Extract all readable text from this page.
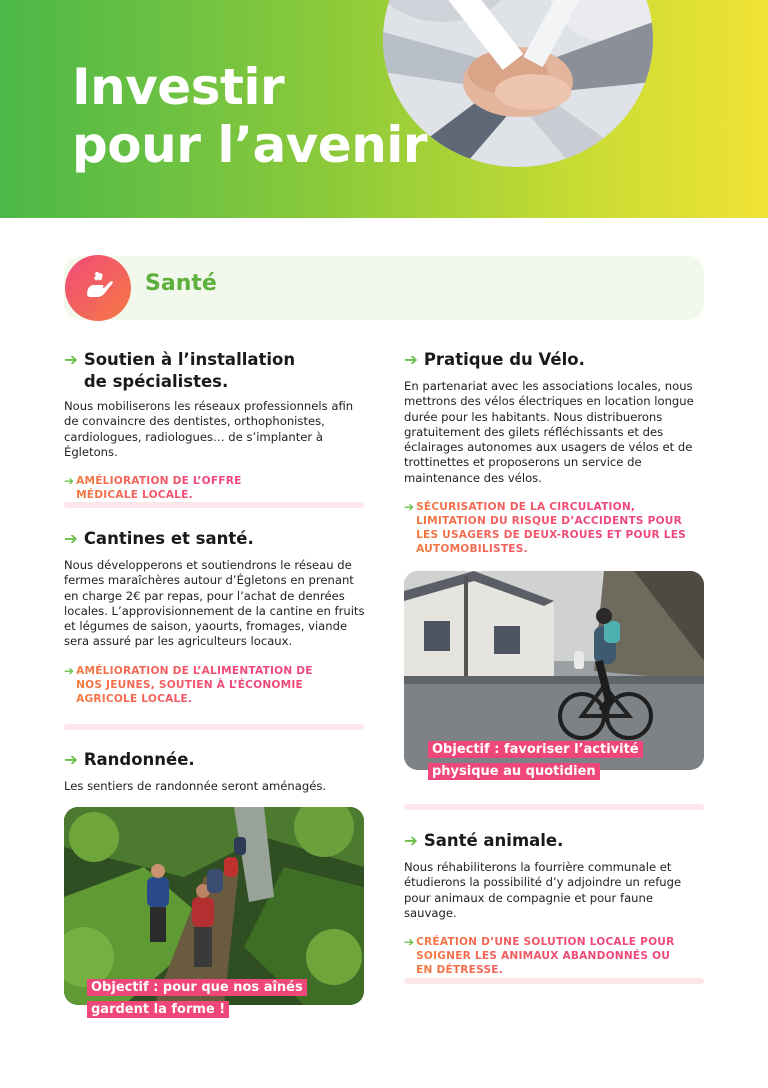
Investir
pour l’avenir
Santé
➔ Soutien à l’installation
de spécialistes.

Nous mobiliserons les réseaux professionnels afin de convaincre des dentistes, orthophonistes, cardiologues, radiologues… de s’implanter à Égletons.

➔ AMÉLIORATION DE L’OFFRE MÉDICALE LOCALE.
➔ Cantines et santé.

Nous développerons et soutiendrons le réseau de fermes maraîchères autour d’Égletons en prenant en charge 2€ par repas, pour l’achat de denrées locales. L’approvisionnement de la cantine en fruits et légumes de saison, yaourts, fromages, viande sera assuré par les agriculteurs locaux.

➔ AMÉLIORATION DE L’ALIMENTATION DE NOS JEUNES, SOUTIEN À L’ÉCONOMIE AGRICOLE LOCALE.
➔ Randonnée.

Les sentiers de randonnée seront aménagés.

Objectif : pour que nos aînés gardent la forme !
➔ Pratique du Vélo.

En partenariat avec les associations locales, nous mettrons des vélos électriques en location longue durée pour les habitants. Nous distribuerons gratuitement des gilets réfléchissants et des éclairages autonomes aux usagers de vélos et de trottinettes et proposerons un service de maintenance des vélos.

➔ SÉCURISATION DE LA CIRCULATION, LIMITATION DU RISQUE D’ACCIDENTS POUR LES USAGERS DE DEUX-ROUES ET POUR LES AUTOMOBILISTES.
Objectif : favoriser l’activité physique au quotidien
➔ Santé animale.

Nous réhabiliterons la fourrière communale et étudierons la possibilité d’y adjoindre un refuge pour animaux de compagnie et pour faune sauvage.

➔ CRÉATION D’UNE SOLUTION LOCALE POUR SOIGNER LES ANIMAUX ABANDONNÉS OU EN DÉTRESSE.
